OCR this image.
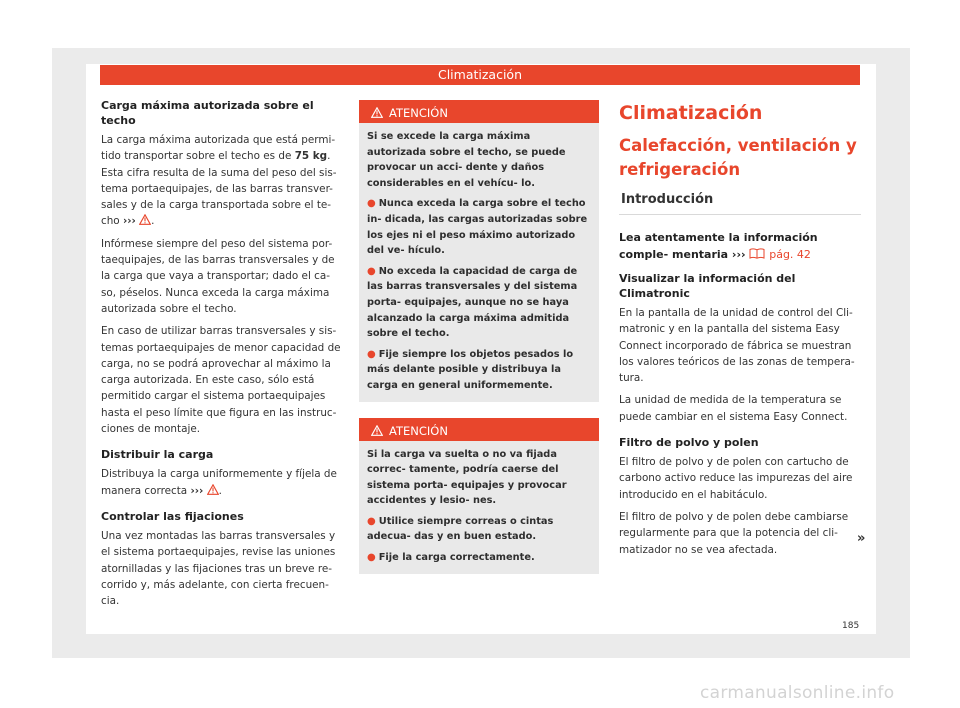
Climatización
Carga máxima autorizada sobre el techo
La carga máxima autorizada que está permi- tido transportar sobre el techo es de 75 kg. Esta cifra resulta de la suma del peso del sis- tema portaequipajes, de las barras transver- sales y de la carga transportada sobre el te- cho ››› .
Infórmese siempre del peso del sistema por- taequipajes, de las barras transversales y de la carga que vaya a transportar; dado el ca- so, péselos. Nunca exceda la carga máxima autorizada sobre el techo.
En caso de utilizar barras transversales y sis- temas portaequipajes de menor capacidad de carga, no se podrá aprovechar al máximo la carga autorizada. En este caso, sólo está permitido cargar el sistema portaequipajes hasta el peso límite que figura en las instruc- ciones de montaje.
Distribuir la carga
Distribuya la carga uniformemente y fíjela de manera correcta ››› .
Controlar las fijaciones
Una vez montadas las barras transversales y el sistema portaequipajes, revise las uniones atornilladas y las fijaciones tras un breve re- corrido y, más adelante, con cierta frecuen- cia.
ATENCIÓN
Si se excede la carga máxima autorizada sobre el techo, se puede provocar un acci- dente y daños considerables en el vehícu- lo.
● Nunca exceda la carga sobre el techo in- dicada, las cargas autorizadas sobre los ejes ni el peso máximo autorizado del ve- hículo.
● No exceda la capacidad de carga de las barras transversales y del sistema porta- equipajes, aunque no se haya alcanzado la carga máxima admitida sobre el techo.
● Fije siempre los objetos pesados lo más delante posible y distribuya la carga en general uniformemente.
ATENCIÓN
Si la carga va suelta o no va fijada correc- tamente, podría caerse del sistema porta- equipajes y provocar accidentes y lesio- nes.
● Utilice siempre correas o cintas adecua- das y en buen estado.
● Fije la carga correctamente.
Climatización
Calefacción, ventilación y refrigeración
Introducción
Lea atentamente la información comple- mentaria ››› pág. 42
Visualizar la información del Climatronic
En la pantalla de la unidad de control del Cli- matronic y en la pantalla del sistema Easy Connect incorporado de fábrica se muestran los valores teóricos de las zonas de tempera- tura.
La unidad de medida de la temperatura se puede cambiar en el sistema Easy Connect.
Filtro de polvo y polen
El filtro de polvo y de polen con cartucho de carbono activo reduce las impurezas del aire introducido en el habitáculo.
El filtro de polvo y de polen debe cambiarse regularmente para que la potencia del cli- matizador no se vea afectada.
»
185
carmanualsonline.info
